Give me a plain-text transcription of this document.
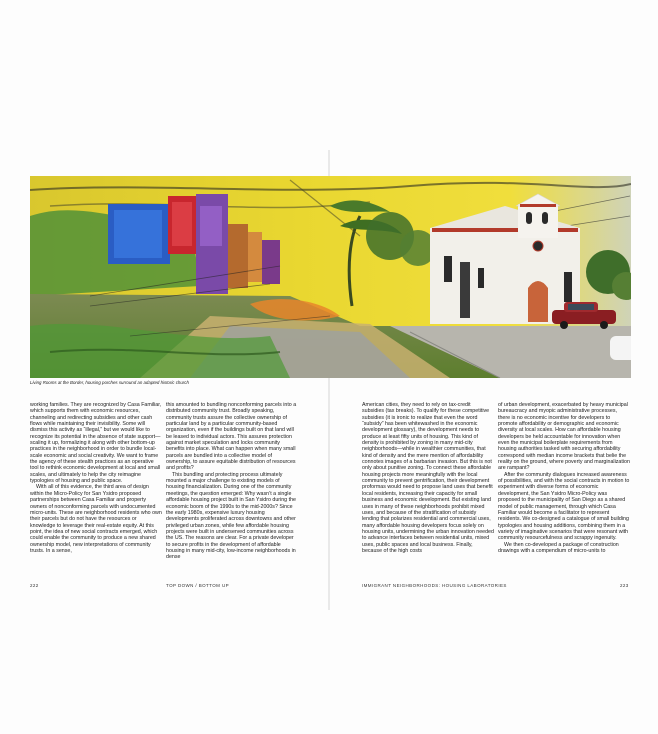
Living Rooms at the Border, housing porches surround an adapted historic church

working families. They are recognized by Casa Familiar, which supports them with economic resources, channeling and redirecting subsidies and other cash flows while maintaining their invisibility. Some will dismiss this activity as “illegal,” but we would like to recognize its potential in the absence of state support—scaling it up, formalizing it along with other bottom-up practices in the neighborhood in order to bundle local-scale economic and social creativity. We want to frame the agency of these stealth practices as an operative tool to rethink economic development at local and small scales, and ultimately to help the city reimagine typologies of housing and public space.

With all of this evidence, the third area of design within the Micro-Policy for San Ysidro proposed partnerships between Casa Familiar and property owners of nonconforming parcels with undocumented micro-units. These are neighborhood residents who own their parcels but do not have the resources or knowledge to leverage their real-estate equity. At this point, the idea of new social contracts emerged, which could enable the community to produce a new shared ownership model, new interpretations of community trusts. In a sense,

this amounted to bundling nonconforming parcels into a distributed community trust. Broadly speaking, community trusts assure the collective ownership of particular land by a particular community-based organization, even if the buildings built on that land will be leased to individual actors. This assures protection against market speculation and locks community benefits into place. What can happen when many small parcels are bundled into a collective model of ownership, to assure equitable distribution of resources and profits?

This bundling and protecting process ultimately mounted a major challenge to existing models of housing financialization. During one of the community meetings, the question emerged: Why wasn’t a single affordable housing project built in San Ysidro during the economic boom of the 1990s to the mid-2000s? Since the early 1980s, expensive luxury housing developments proliferated across downtowns and other privileged urban zones, while few affordable housing projects were built in underserved communities across the US. The reasons are clear. For a private developer to secure profits in the development of affordable housing in many mid-city, low-income neighborhoods in dense

American cities, they need to rely on tax-credit subsidies (tax breaks). To qualify for these competitive subsidies (it is ironic to realize that even the word “subsidy” has been whitewashed in the economic development glossary), the development needs to produce at least fifty units of housing. This kind of density is prohibited by zoning in many mid-city neighborhoods—while in wealthier communities, that kind of density and the mere mention of affordability connotes images of a barbarian invasion. But this is not only about punitive zoning. To connect these affordable housing projects more meaningfully with the local community to prevent gentrification, their development proformas would need to propose land uses that benefit local residents, increasing their capacity for small business and economic development. But existing land uses in many of these neighborhoods prohibit mixed uses, and because of the stratification of subsidy lending that polarizes residential and commercial uses, many affordable housing developers focus solely on housing units, undermining the urban innovation needed to advance interfaces between residential units, mixed uses, public spaces and local business. Finally, because of the high costs

of urban development, exacerbated by heavy municipal bureaucracy and myopic administrative processes, there is no economic incentive for developers to promote affordability or demographic and economic diversity at local scales. How can affordable housing developers be held accountable for innovation when even the municipal boilerplate requirements from housing authorities tasked with securing affordability correspond with median income brackets that belie the reality on the ground, where poverty and marginalization are rampant?

After the community dialogues increased awareness of possibilities, and with the social contracts in motion to experiment with diverse forms of economic development, the San Ysidro Micro-Policy was proposed to the municipality of San Diego as a shared model of public management, through which Casa Familiar would become a facilitator to represent residents. We co-designed a catalogue of small building typologies and housing additions, combining them in a variety of imaginative scenarios that were resonant with community resourcefulness and scrappy ingenuity.

We then co-developed a package of construction drawings with a compendium of micro-units to

222	TOP DOWN / BOTTOM UP	IMMIGRANT NEIGHBORHOODS: HOUSING LABORATORIES	223
